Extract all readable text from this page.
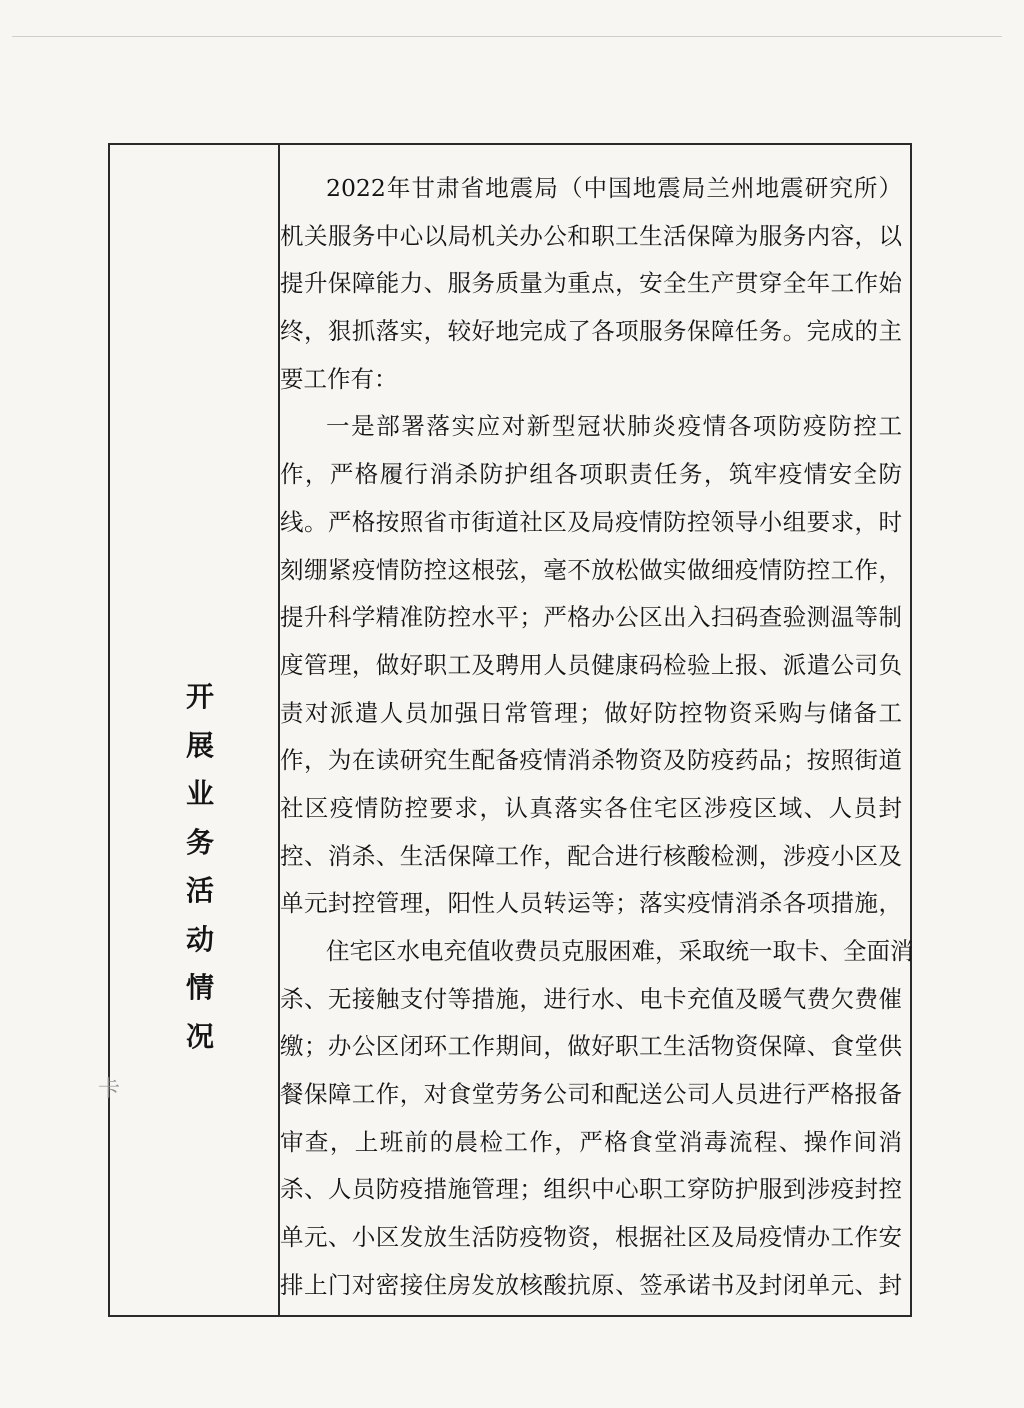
开
展
业
务
活
动
情
况
2022年甘肃省地震局（中国地震局兰州地震研究所）
机关服务中心以局机关办公和职工生活保障为服务内容，以
提升保障能力、服务质量为重点，安全生产贯穿全年工作始
终，狠抓落实，较好地完成了各项服务保障任务。完成的主
要工作有：
一是部署落实应对新型冠状肺炎疫情各项防疫防控工
作，严格履行消杀防护组各项职责任务，筑牢疫情安全防
线。严格按照省市街道社区及局疫情防控领导小组要求，时
刻绷紧疫情防控这根弦，毫不放松做实做细疫情防控工作，
提升科学精准防控水平；严格办公区出入扫码查验测温等制
度管理，做好职工及聘用人员健康码检验上报、派遣公司负
责对派遣人员加强日常管理；做好防控物资采购与储备工
作，为在读研究生配备疫情消杀物资及防疫药品；按照街道
社区疫情防控要求，认真落实各住宅区涉疫区域、人员封
控、消杀、生活保障工作，配合进行核酸检测，涉疫小区及
单元封控管理，阳性人员转运等；落实疫情消杀各项措施，
住宅区水电充值收费员克服困难，采取统一取卡、全面消
杀、无接触支付等措施，进行水、电卡充值及暖气费欠费催
缴；办公区闭环工作期间，做好职工生活物资保障、食堂供
餐保障工作，对食堂劳务公司和配送公司人员进行严格报备
审查，上班前的晨检工作，严格食堂消毒流程、操作间消
杀、人员防疫措施管理；组织中心职工穿防护服到涉疫封控
单元、小区发放生活防疫物资，根据社区及局疫情办工作安
排上门对密接住房发放核酸抗原、签承诺书及封闭单元、封
卡
